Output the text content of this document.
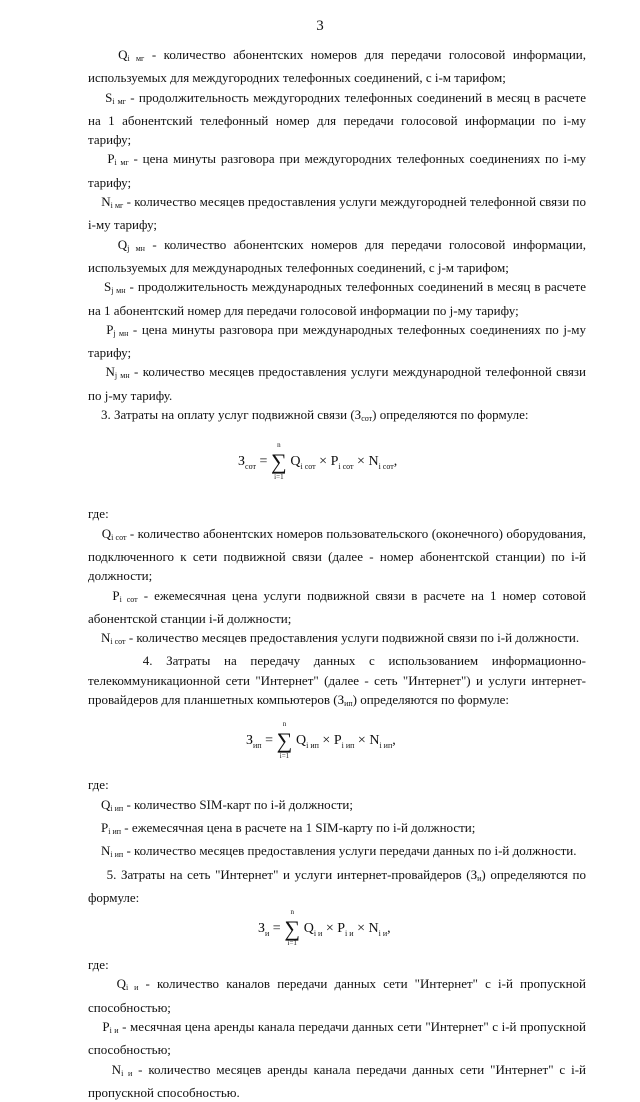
3

$Q_{i мг}$ - количество абонентских номеров для передачи голосовой информации, используемых для междугородних телефонных соединений, с i-м тарифом;

$S_{i мг}$ - продолжительность междугородних телефонных соединений в месяц в расчете на 1 абонентский телефонный номер для передачи голосовой информации по i-му тарифу;

$P_{i мг}$ - цена минуты разговора при междугородних телефонных соединениях по i-му тарифу;

$N_{i мг}$ - количество месяцев предоставления услуги междугородней телефонной связи по i-му тарифу;

$Q_{j мн}$ - количество абонентских номеров для передачи голосовой информации, используемых для международных телефонных соединений, с j-м тарифом;

$S_{j мн}$ - продолжительность международных телефонных соединений в месяц в расчете на 1 абонентский номер для передачи голосовой информации по j-му тарифу;

$P_{j мн}$ - цена минуты разговора при международных телефонных соединениях по j-му тарифу;

$N_{j мн}$ - количество месяцев предоставления услуги международной телефонной связи по j-му тарифу.

3. Затраты на оплату услуг подвижной связи $(З_{сот})$ определяются по формуле:

$З_{сот}$ = ∑
n
i=1
$Q_{i сот} \times P_{i сот} \times N_{i сот}$,

где:

$Q_{i сот}$ - количество абонентских номеров пользовательского (оконечного) оборудования, подключенного к сети подвижной связи (далее - номер абонентской станции) по i-й должности;

$P_{i сот}$ - ежемесячная цена услуги подвижной связи в расчете на 1 номер сотовой абонентской станции i-й должности;

$N_{i сот}$ - количество месяцев предоставления услуги подвижной связи по i-й должности.

4. Затраты на передачу данных с использованием информационно-телекоммуникационной сети "Интернет" (далее - сеть "Интернет") и услуги интернет-провайдеров для планшетных компьютеров $(З_{ип})$ определяются по формуле:

$З_{ип}$ = ∑
n
i=1
$Q_{i ип} \times P_{i ип} \times N_{i ип}$,

где:

$Q_{i ип}$ - количество SIM-карт по i-й должности;

$P_{i ип}$ - ежемесячная цена в расчете на 1 SIM-карту по i-й должности;

$N_{i ип}$ - количество месяцев предоставления услуги передачи данных по i-й должности.

5. Затраты на сеть "Интернет" и услуги интернет-провайдеров $(З_и)$ определяются по формуле:

$З_и$ = ∑
n
i=1
$Q_{i и} \times P_{i и} \times N_{i и}$,

где:

$Q_{i и}$ - количество каналов передачи данных сети "Интернет" с i-й пропускной способностью;

$P_{i и}$ - месячная цена аренды канала передачи данных сети "Интернет" с i-й пропускной способностью;

$N_{i и}$ - количество месяцев аренды канала передачи данных сети "Интернет" с i-й пропускной способностью.
